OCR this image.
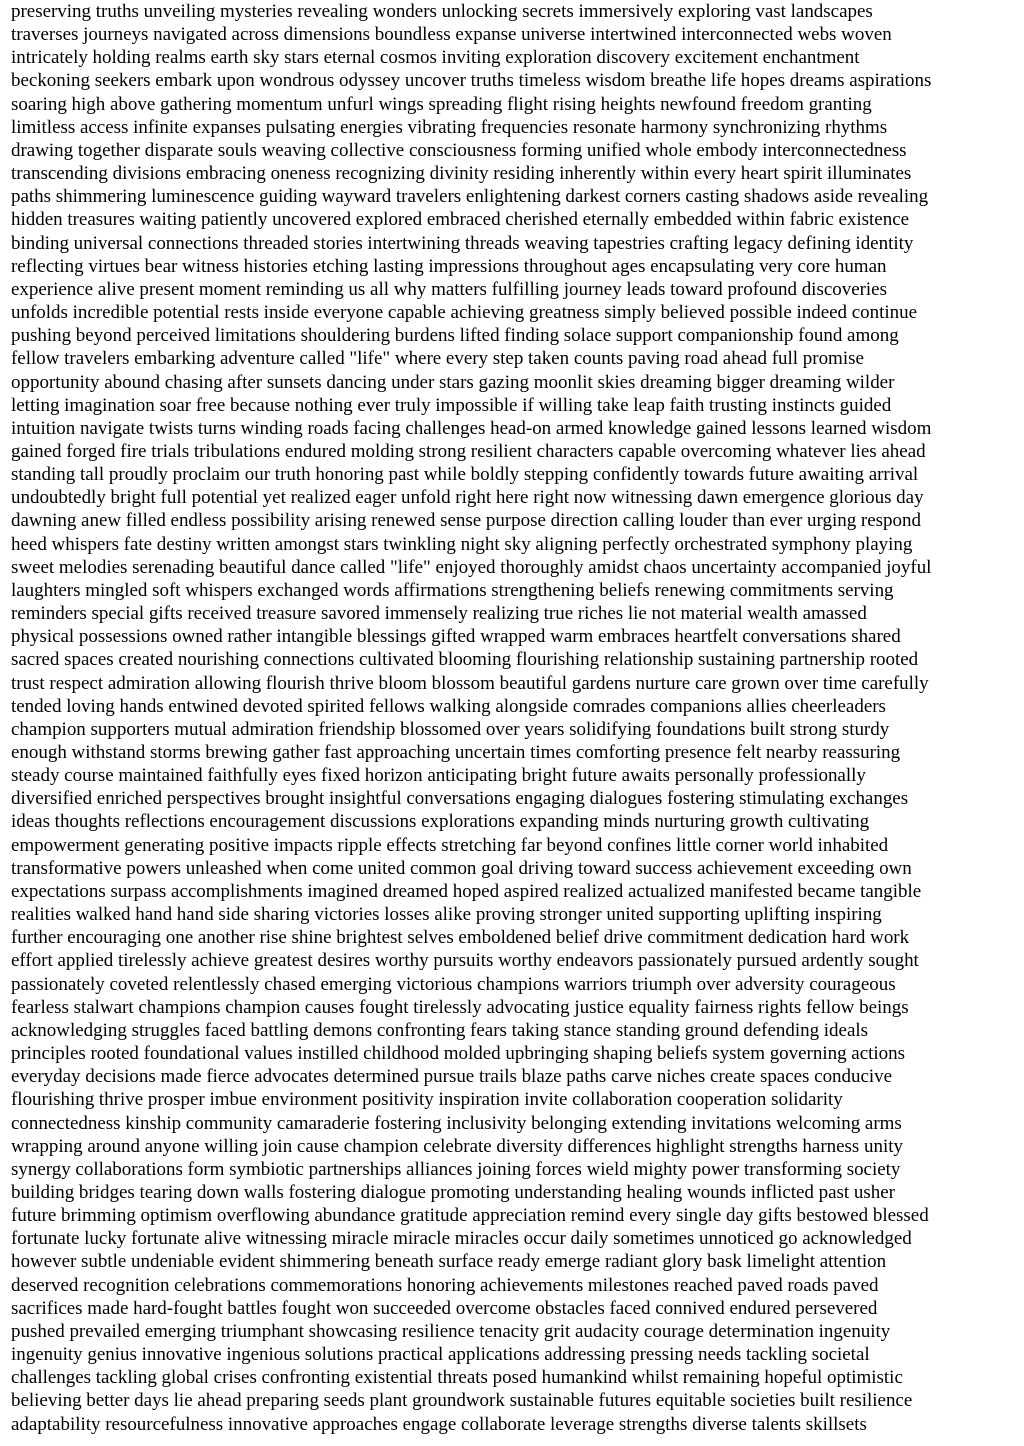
preserving truths unveiling mysteries revealing wonders unlocking secrets immersively exploring vast landscapes

traverses journeys navigated across dimensions boundless expanse universe intertwined interconnected webs woven

intricately holding realms earth sky stars eternal cosmos inviting exploration discovery excitement enchantment

beckoning seekers embark upon wondrous odyssey uncover truths timeless wisdom breathe life hopes dreams aspirations

soaring high above gathering momentum unfurl wings spreading flight rising heights newfound freedom granting

limitless access infinite expanses pulsating energies vibrating frequencies resonate harmony synchronizing rhythms

drawing together disparate souls weaving collective consciousness forming unified whole embody interconnectedness

transcending divisions embracing oneness recognizing divinity residing inherently within every heart spirit illuminates

paths shimmering luminescence guiding wayward travelers enlightening darkest corners casting shadows aside revealing

hidden treasures waiting patiently uncovered explored embraced cherished eternally embedded within fabric existence

binding universal connections threaded stories intertwining threads weaving tapestries crafting legacy defining identity

reflecting virtues bear witness histories etching lasting impressions throughout ages encapsulating very core human

experience alive present moment reminding us all why matters fulfilling journey leads toward profound discoveries

unfolds incredible potential rests inside everyone capable achieving greatness simply believed possible indeed continue

pushing beyond perceived limitations shouldering burdens lifted finding solace support companionship found among

fellow travelers embarking adventure called "life" where every step taken counts paving road ahead full promise

opportunity abound chasing after sunsets dancing under stars gazing moonlit skies dreaming bigger dreaming wilder

letting imagination soar free because nothing ever truly impossible if willing take leap faith trusting instincts guided

intuition navigate twists turns winding roads facing challenges head-on armed knowledge gained lessons learned wisdom

gained forged fire trials tribulations endured molding strong resilient characters capable overcoming whatever lies ahead

standing tall proudly proclaim our truth honoring past while boldly stepping confidently towards future awaiting arrival

undoubtedly bright full potential yet realized eager unfold right here right now witnessing dawn emergence glorious day

dawning anew filled endless possibility arising renewed sense purpose direction calling louder than ever urging respond

heed whispers fate destiny written amongst stars twinkling night sky aligning perfectly orchestrated symphony playing

sweet melodies serenading beautiful dance called "life" enjoyed thoroughly amidst chaos uncertainty accompanied joyful

laughters mingled soft whispers exchanged words affirmations strengthening beliefs renewing commitments serving

reminders special gifts received treasure savored immensely realizing true riches lie not material wealth amassed

physical possessions owned rather intangible blessings gifted wrapped warm embraces heartfelt conversations shared

sacred spaces created nourishing connections cultivated blooming flourishing relationship sustaining partnership rooted

trust respect admiration allowing flourish thrive bloom blossom beautiful gardens nurture care grown over time carefully

tended loving hands entwined devoted spirited fellows walking alongside comrades companions allies cheerleaders

champion supporters mutual admiration friendship blossomed over years solidifying foundations built strong sturdy

enough withstand storms brewing gather fast approaching uncertain times comforting presence felt nearby reassuring

steady course maintained faithfully eyes fixed horizon anticipating bright future awaits personally professionally

diversified enriched perspectives brought insightful conversations engaging dialogues fostering stimulating exchanges

ideas thoughts reflections encouragement discussions explorations expanding minds nurturing growth cultivating

empowerment generating positive impacts ripple effects stretching far beyond confines little corner world inhabited

transformative powers unleashed when come united common goal driving toward success achievement exceeding own

expectations surpass accomplishments imagined dreamed hoped aspired realized actualized manifested became tangible

realities walked hand hand side sharing victories losses alike proving stronger united supporting uplifting inspiring

further encouraging one another rise shine brightest selves emboldened belief drive commitment dedication hard work

effort applied tirelessly achieve greatest desires worthy pursuits worthy endeavors passionately pursued ardently sought

passionately coveted relentlessly chased emerging victorious champions warriors triumph over adversity courageous

fearless stalwart champions champion causes fought tirelessly advocating justice equality fairness rights fellow beings

acknowledging struggles faced battling demons confronting fears taking stance standing ground defending ideals

principles rooted foundational values instilled childhood molded upbringing shaping beliefs system governing actions

everyday decisions made fierce advocates determined pursue trails blaze paths carve niches create spaces conducive

flourishing thrive prosper imbue environment positivity inspiration invite collaboration cooperation solidarity

connectedness kinship community camaraderie fostering inclusivity belonging extending invitations welcoming arms

wrapping around anyone willing join cause champion celebrate diversity differences highlight strengths harness unity

synergy collaborations form symbiotic partnerships alliances joining forces wield mighty power transforming society

building bridges tearing down walls fostering dialogue promoting understanding healing wounds inflicted past usher

future brimming optimism overflowing abundance gratitude appreciation remind every single day gifts bestowed blessed

fortunate lucky fortunate alive witnessing miracle miracle miracles occur daily sometimes unnoticed go acknowledged

however subtle undeniable evident shimmering beneath surface ready emerge radiant glory bask limelight attention

deserved recognition celebrations commemorations honoring achievements milestones reached paved roads paved

sacrifices made hard-fought battles fought won succeeded overcome obstacles faced connived endured persevered

pushed prevailed emerging triumphant showcasing resilience tenacity grit audacity courage determination ingenuity

ingenuity genius innovative ingenious solutions practical applications addressing pressing needs tackling societal

challenges tackling global crises confronting existential threats posed humankind whilst remaining hopeful optimistic

believing better days lie ahead preparing seeds plant groundwork sustainable futures equitable societies built resilience

adaptability resourcefulness innovative approaches engage collaborate leverage strengths diverse talents skillsets
